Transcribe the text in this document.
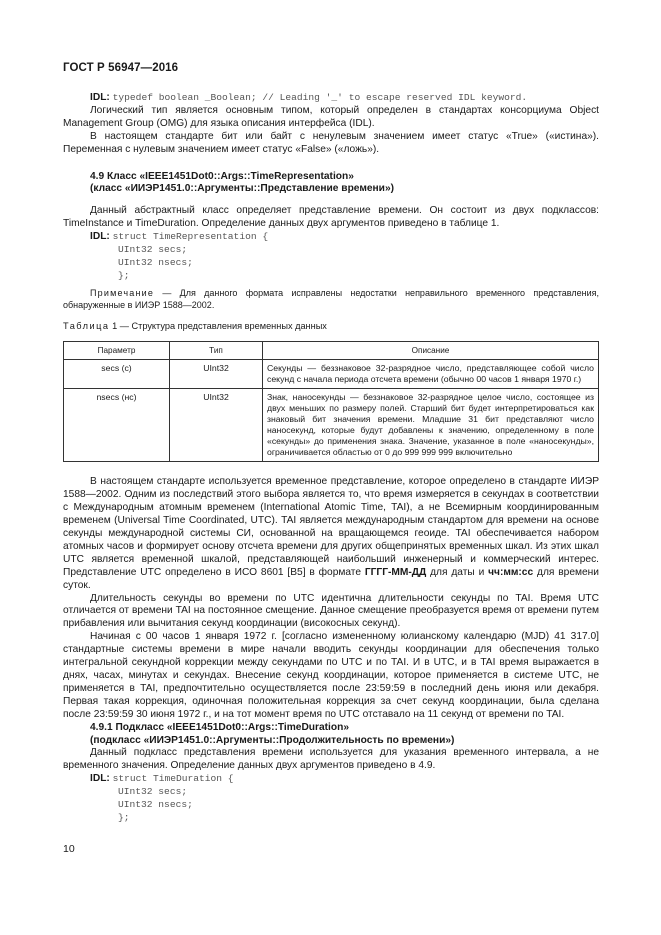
ГОСТ Р 56947—2016

IDL: typedef boolean _Boolean; // Leading '_' to escape reserved IDL keyword.

Логический тип является основным типом, который определен в стандартах консорциума Object Management Group (OMG) для языка описания интерфейса (IDL).

В настоящем стандарте бит или байт с ненулевым значением имеет статус «True» («истина»). Переменная с нулевым значением имеет статус «False» («ложь»).

4.9 Класс «IEEE1451Dot0::Args::TimeRepresentation»

(класс «ИИЭР1451.0::Аргументы::Представление времени»)

Данный абстрактный класс определяет представление времени. Он состоит из двух подклассов: TimeInstance и TimeDuration. Определение данных двух аргументов приведено в таблице 1.

IDL: struct TimeRepresentation {

UInt32 secs;

UInt32 nsecs;

};

Примечание — Для данного формата исправлены недостатки неправильного временного представления, обнаруженные в ИИЭР 1588—2002.

Таблица 1 — Структура представления временных данных

Параметр	Тип	Описание
secs (с)	UInt32	Секунды — беззнаковое 32-разрядное число, представляющее собой число секунд с начала периода отсчета времени (обычно 00 часов 1 января 1970 г.)
nsecs (нс)	UInt32	Знак, наносекунды — беззнаковое 32-разрядное целое число, состоящее из двух меньших по размеру полей. Старший бит будет интерпретироваться как знаковый бит значения времени. Младшие 31 бит представляют число наносекунд, которые будут добавлены к значению, определенному в поле «секунды» до применения знака. Значение, указанное в поле «наносекунды», ограничивается областью от 0 до 999 999 999 включительно

В настоящем стандарте используется временное представление, которое определено в стандарте ИИЭР 1588—2002. Одним из последствий этого выбора является то, что время измеряется в секундах в соответствии с Международным атомным временем (International Atomic Time, TAI), а не Всемирным координированным временем (Universal Time Coordinated, UTC). TAI является международным стандартом для времени на основе секунды международной системы СИ, основанной на вращающемся геоиде. TAI обеспечивается набором атомных часов и формирует основу отсчета времени для других общепринятых временных шкал. Из этих шкал UTC является временной шкалой, представляющей наибольший инженерный и коммерческий интерес. Представление UTC определено в ИСО 8601 [B5] в формате ГГГГ-ММ-ДД для даты и чч:мм:сс для времени суток.

Длительность секунды во времени по UTC идентична длительности секунды по TAI. Время UTC отличается от времени TAI на постоянное смещение. Данное смещение преобразуется время от времени путем прибавления или вычитания секунд координации (високосных секунд).

Начиная с 00 часов 1 января 1972 г. [согласно измененному юлианскому календарю (MJD) 41 317.0] стандартные системы времени в мире начали вводить секунды координации для обеспечения только интегральной секундной коррекции между секундами по UTC и по TAI. И в UTC, и в TAI время выражается в днях, часах, минутах и секундах. Внесение секунд координации, которое применяется в системе UTC, не применяется в TAI, предпочтительно осуществляется после 23:59:59 в последний день июня или декабря. Первая такая коррекция, одиночная положительная коррекция за счет секунд координации, была сделана после 23:59:59 30 июня 1972 г., и на тот момент время по UTC отставало на 11 секунд от времени по TAI.

4.9.1 Подкласс «IEEE1451Dot0::Args::TimeDuration»

(подкласс «ИИЭР1451.0::Аргументы::Продолжительность по времени»)

Данный подкласс представления времени используется для указания временного интервала, а не временного значения. Определение данных двух аргументов приведено в 4.9.

IDL: struct TimeDuration {

UInt32 secs;

UInt32 nsecs;

};

10
